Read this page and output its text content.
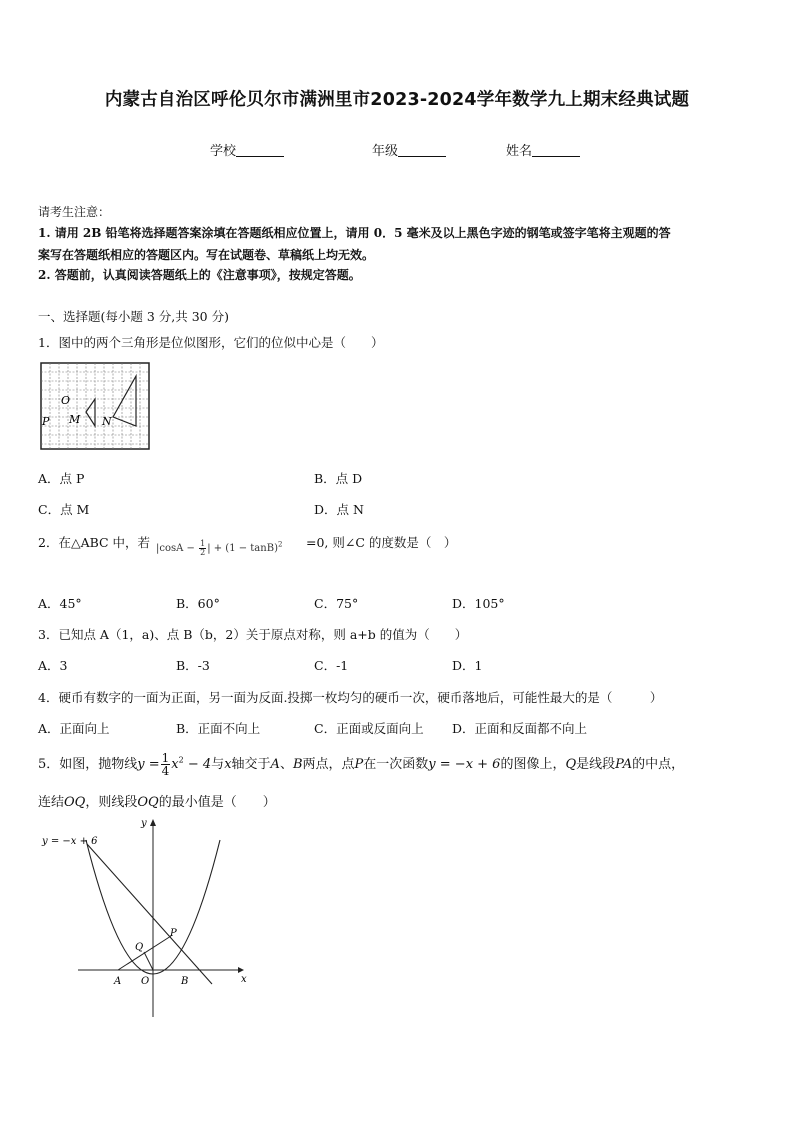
内蒙古自治区呼伦贝尔市满洲里市2023-2024学年数学九上期末经典试题
学校	年级	姓名
请考生注意：
1. 请用 2B 铅笔将选择题答案涂填在答题纸相应位置上，请用 0．5 毫米及以上黑色字迹的钢笔或签字笔将主观题的答
案写在答题纸相应的答题区内。写在试题卷、草稿纸上均无效。
2. 答题前，认真阅读答题纸上的《注意事项》，按规定答题。
一、选择题(每小题 3 分,共 30 分)
1．图中的两个三角形是位似图形，它们的位似中心是（　　）
O
P M N
A．点 P	B．点 D
C．点 M	D．点 N
2．在△ABC 中，若 $|\cos A - \frac{1}{2}$ | + $(1 - \tan B)^2 =0$, 则∠C 的度数是（　）
A．45°	B．60°	C．75°	D．105°
3．已知点 A（1，a)、点 B（b，2）关于原点对称，则 a+b 的值为（　　）
A．3	B．-3	C．-1	D．1
4．硬币有数字的一面为正面，另一面为反面.投掷一枚均匀的硬币一次，硬币落地后，可能性最大的是（　　　）
A．正面向上	B．正面不向上	C．正面或反面向上 D．正面和反面都不向上
5．如图，抛物线$y = \frac{1}{4} x^2 - 4$与x轴交于A、B两点，点P在一次函数y = −x + 6的图像上，Q是线段PA的中点，
连结OQ，则线段OQ的最小值是（　　）
y = −x + 6
y
x
P
Q
A O	B
